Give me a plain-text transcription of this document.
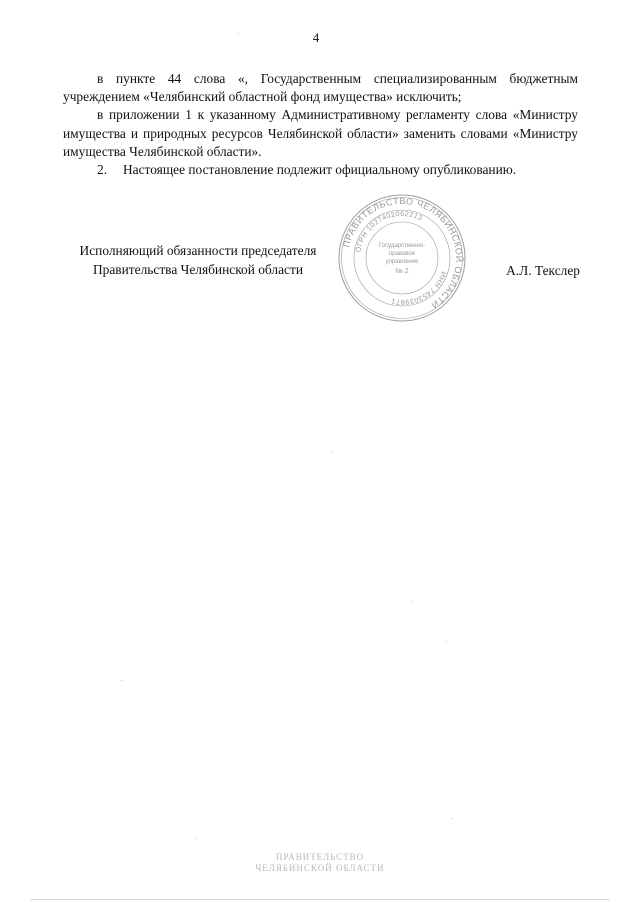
4

в пункте 44 слова «, Государственным специализированным бюджетным учреждением «Челябинский областной фонд имущества» исключить;

в приложении 1 к указанному Административному регламенту слова «Министру имущества и природных ресурсов Челябинской области» заменить словами «Министру имущества Челябинской области».

2. Настоящее постановление подлежит официальному опубликованию.

Исполняющий обязанности председателя
Правительства Челябинской области	А.Л. Текслер
ПРАВИТЕЛЬСТВО ЧЕЛЯБИНСКОЙ ОБЛАСТИ
ОГРН 1027402062213
ИНН 7453039871
Государственно-
правовое
управление
№ 2
ПРАВИТЕЛЬСТВО
ЧЕЛЯБИНСКОЙ ОБЛАСТИ
